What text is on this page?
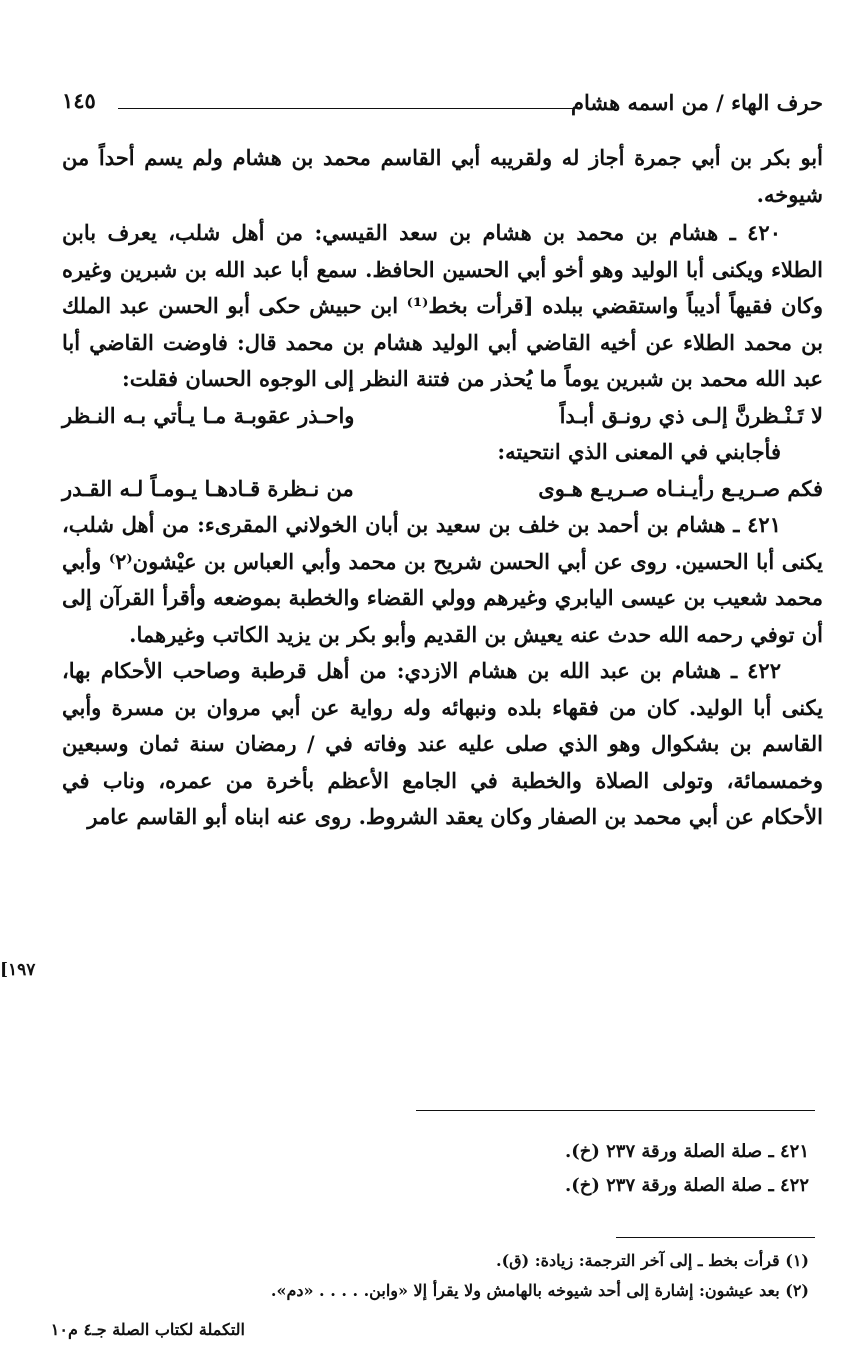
حرف الهاء / من اسمه هشام
١٤٥

أبو بكر بن أبي جمرة أجاز له ولقريبه أبي القاسم محمد بن هشام ولم يسم أحداً من شيوخه.

٤٢٠ ـ هشام بن محمد بن هشام بن سعد القيسي: من أهل شلب، يعرف بابن الطلاء ويكنى أبا الوليد وهو أخو أبي الحسين الحافظ. سمع أبا عبد الله بن شبرين وغيره وكان فقيهاً أديباً واستقضي ببلده [قرأت بخط⁽¹⁾ ابن حبيش حكى أبو الحسن عبد الملك بن محمد الطلاء عن أخيه القاضي أبي الوليد هشام بن محمد قال: فاوضت القاضي أبا عبد الله محمد بن شبرين يوماً ما يُحذر من فتنة النظر إلى الوجوه الحسان فقلت:

لا تَـنْـظرنَّ إلـى ذي رونـق أبـداً
واحـذر عقوبـة مـا يـأتي بـه النـظر

فأجابني في المعنى الذي انتحيته:

فكم صـريـع رأيـنـاه صـريـع هـوى
من نـظرة قـادهـا يـومـاً لـه القـدر

٤٢١ ـ هشام بن أحمد بن خلف بن سعيد بن أبان الخولاني المقرىء: من أهل شلب، يكنى أبا الحسين. روى عن أبي الحسن شريح بن محمد وأبي العباس بن عيْشون⁽٢⁾ وأبي محمد شعيب بن عيسى اليابري وغيرهم وولي القضاء والخطبة بموضعه وأقرأ القرآن إلى أن توفي رحمه الله حدث عنه يعيش بن القديم وأبو بكر بن يزيد الكاتب وغيرهما.

٤٢٢ ـ هشام بن عبد الله بن هشام الازدي: من أهل قرطبة وصاحب الأحكام بها، يكنى أبا الوليد. كان من فقهاء بلده ونبهائه وله رواية عن أبي مروان بن مسرة وأبي القاسم بن بشكوال وهو الذي صلى عليه عند وفاته في / رمضان سنة ثمان وسبعين وخمسمائة، وتولى الصلاة والخطبة في الجامع الأعظم بأخرة من عمره، وناب في الأحكام عن أبي محمد بن الصفار وكان يعقد الشروط. روى عنه ابناه أبو القاسم عامر

[١٩٧
٤٢١ ـ صلة الصلة ورقة ٢٣٧ (خ).
٤٢٢ ـ صلة الصلة ورقة ٢٣٧ (خ).
(١) قرأت بخط ـ إلى آخر الترجمة: زيادة: (ق).
(٢) بعد عيشون: إشارة إلى أحد شيوخه بالهامش ولا يقرأ إلا «وابن. . . . . «دم».
التكملة لكتاب الصلة جـ٤ م١٠
